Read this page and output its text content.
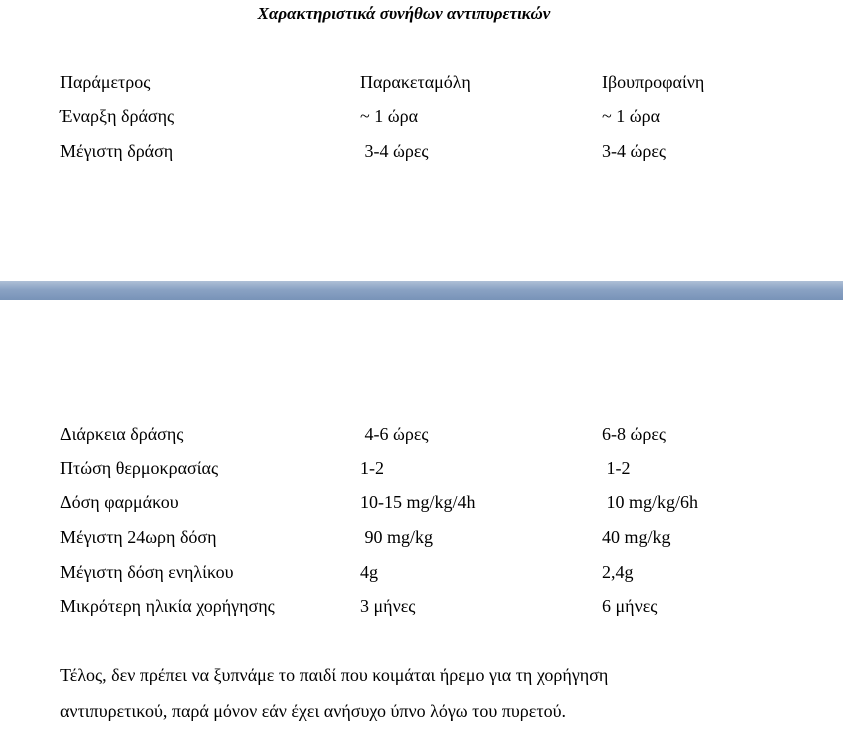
Χαρακτηριστικά συνήθων αντιπυρετικών
Παράμετρος	Παρακεταμόλη	Ιβουπροφαίνη
Έναρξη δράσης	~ 1 ώρα	~ 1 ώρα
Μέγιστη δράση	3-4 ώρες	3-4 ώρες
Διάρκεια δράσης	4-6 ώρες	6-8 ώρες
Πτώση θερμοκρασίας	1-2	1-2
Δόση φαρμάκου	10-15 mg/kg/4h	10 mg/kg/6h
Μέγιστη 24ωρη δόση	90 mg/kg	40 mg/kg
Μέγιστη δόση ενηλίκου	4g	2,4g
Μικρότερη ηλικία χορήγησης	3 μήνες	6 μήνες
Τέλος, δεν πρέπει να ξυπνάμε το παιδί που κοιμάται ήρεμο για τη χορήγηση
αντιπυρετικού, παρά μόνον εάν έχει ανήσυχο ύπνο λόγω του πυρετού.
